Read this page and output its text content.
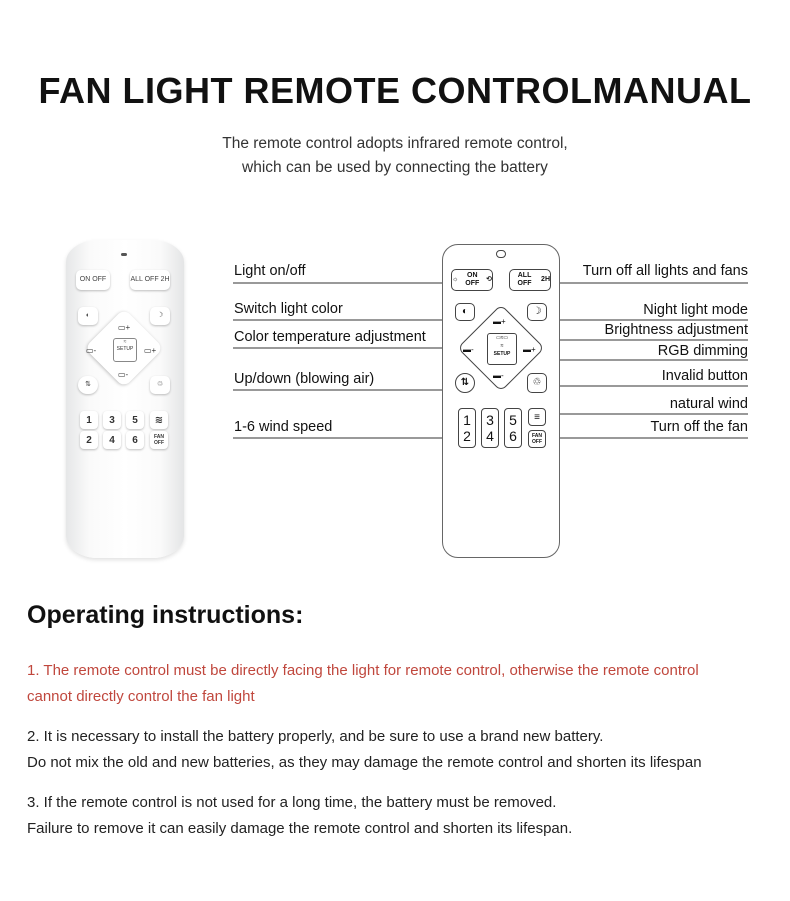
FAN LIGHT REMOTE CONTROLMANUAL
The remote control adopts infrared remote control,
which can be used by connecting the battery
ON OFF	ALL OFF
2H
◐	☽
▭+
▭-	▭+
▭-
≈
SETUP
⇅	♲
1	3	5	≋
2	4	6	FAN OFF
☼
ON OFF
⟲
ALL OFF

2H
◐	☽
▬+
▬-	▬+
▬-
▭≈▭
≈
SETUP
⇅	♲
1
2
3
4
5
6
≡
FAN OFF
Light on/off
Switch light color
Color temperature adjustment
Up/down (blowing air)
1-6 wind speed
Turn off all lights and fans
Night light mode
Brightness adjustment
RGB dimming
Invalid button
natural wind
Turn off the fan
Operating instructions:
1. The remote control must be directly facing the light for remote control, otherwise the remote control
cannot directly control the fan light
2. It is necessary to install the battery properly, and be sure to use a brand new battery.
Do not mix the old and new batteries, as they may damage the remote control and shorten its lifespan
3. If the remote control is not used for a long time, the battery must be removed.
Failure to remove it can easily damage the remote control and shorten its lifespan.
